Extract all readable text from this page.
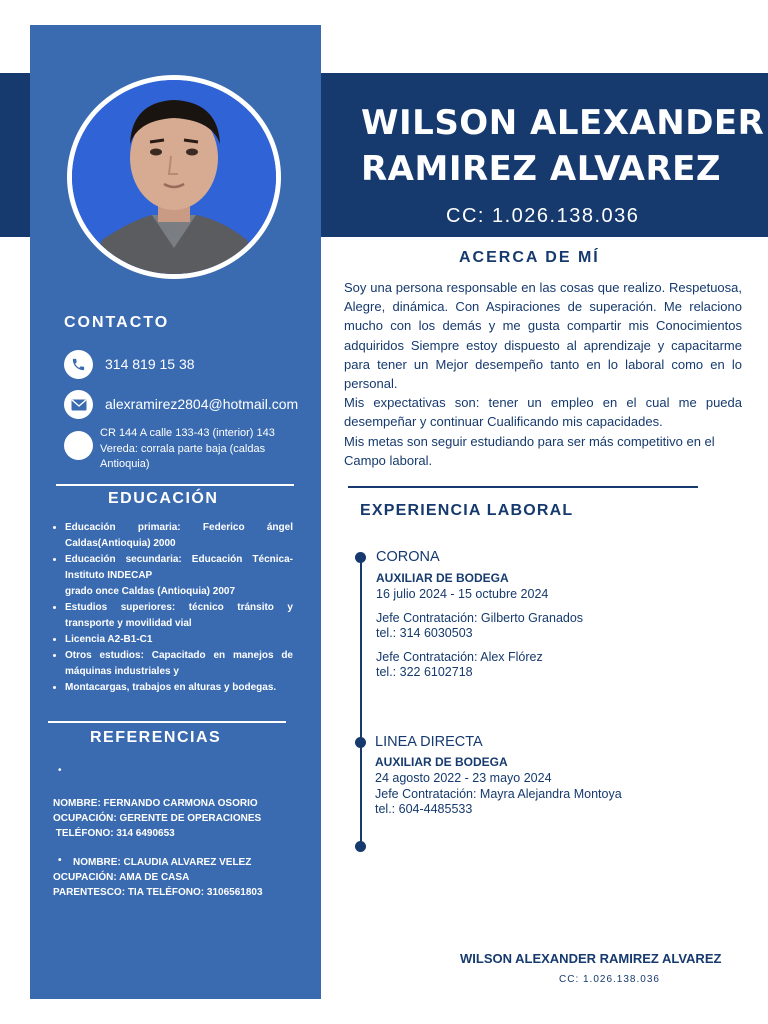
WILSON ALEXANDER
RAMIREZ ALVAREZ
CC: 1.026.138.036
CONTACTO
314 819 15 38
alexramirez2804@hotmail.com
CR 144 A calle 133-43 (interior) 143
Vereda: corrala parte baja (caldas Antioquia)
EDUCACIÓN
• Educación primaria: Federico ángel Caldas(Antioquia) 2000
• Educación secundaria: Educación Técnica- Instituto INDECAP
grado once Caldas (Antioquia) 2007
• Estudios superiores: técnico tránsito y transporte y movilidad vial
• Licencia A2-B1-C1
• Otros estudios: Capacitado en manejos de máquinas industriales y
• Montacargas, trabajos en alturas y bodegas.
REFERENCIAS
•
NOMBRE: FERNANDO CARMONA OSORIO
OCUPACIÓN: GERENTE DE OPERACIONES
TELÉFONO: 314 6490653
• NOMBRE: CLAUDIA ALVAREZ VELEZ
OCUPACIÓN: AMA DE CASA
PARENTESCO: TIA TELÉFONO: 3106561803
ACERCA DE MÍ

Soy una persona responsable en las cosas que realizo. Respetuosa, Alegre, dinámica. Con Aspiraciones de superación. Me relaciono mucho con los demás y me gusta compartir mis Conocimientos adquiridos Siempre estoy dispuesto al aprendizaje y capacitarme para tener un Mejor desempeño tanto en lo laboral como en lo personal.

Mis expectativas son: tener un empleo en el cual me pueda desempeñar y continuar Cualificando mis capacidades.

Mis metas son seguir estudiando para ser más competitivo en el Campo laboral.

EXPERIENCIA LABORAL
CORONA
AUXILIAR DE BODEGA
16 julio 2024 - 15 octubre 2024
Jefe Contratación: Gilberto Granados
tel.: 314 6030503
Jefe Contratación: Alex Flórez
tel.: 322 6102718
LINEA DIRECTA
AUXILIAR DE BODEGA
24 agosto 2022 - 23 mayo 2024
Jefe Contratación: Mayra Alejandra Montoya
tel.: 604-4485533
WILSON ALEXANDER RAMIREZ ALVAREZ
CC: 1.026.138.036
